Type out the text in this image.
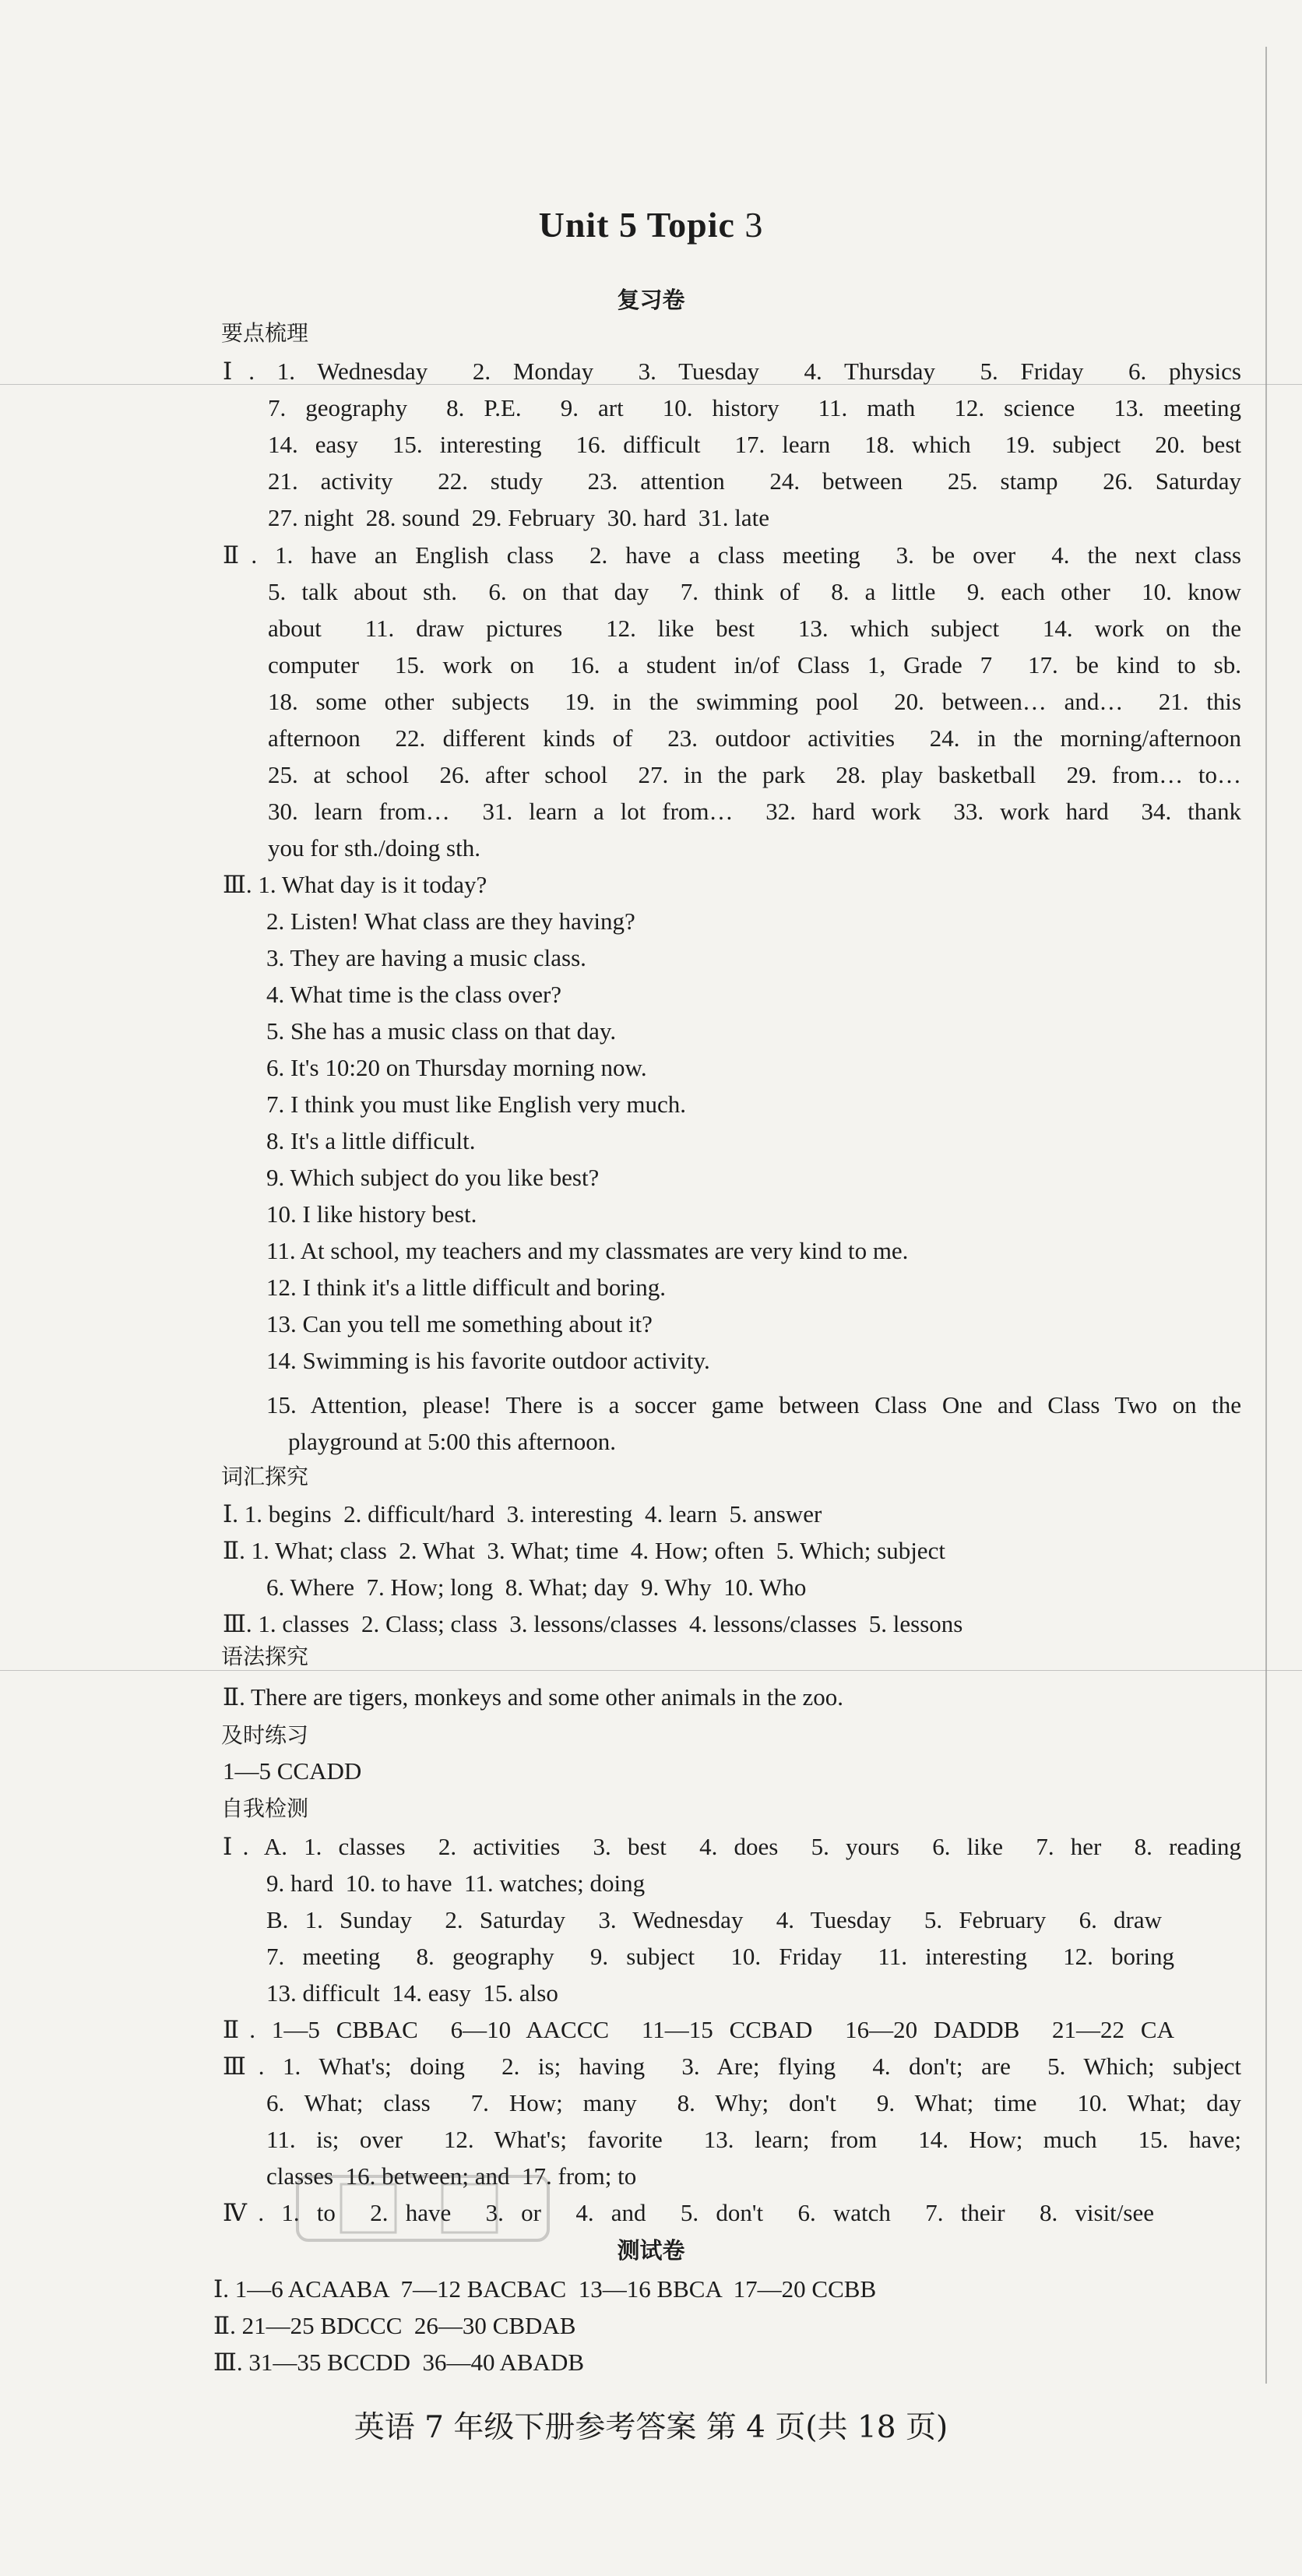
Unit 5 Topic 3
复习卷
要点梳理
Ⅰ. 1. Wednesday  2. Monday  3. Tuesday  4. Thursday  5. Friday  6. physics
7. geography  8. P.E.  9. art  10. history  11. math  12. science  13. meeting
14. easy  15. interesting  16. difficult  17. learn  18. which  19. subject  20. best
21. activity  22. study  23. attention  24. between  25. stamp  26. Saturday
27. night  28. sound  29. February  30. hard  31. late
Ⅱ. 1. have an English class  2. have a class meeting  3. be over  4. the next class
5. talk about sth.  6. on that day  7. think of  8. a little  9. each other  10. know
about  11. draw pictures  12. like best  13. which subject  14. work on the
computer  15. work on  16. a student in/of Class 1, Grade 7  17. be kind to sb.
18. some other subjects  19. in the swimming pool  20. between… and…  21. this
afternoon  22. different kinds of  23. outdoor activities  24. in the morning/afternoon
25. at school  26. after school  27. in the park  28. play basketball  29. from… to…
30. learn from…  31. learn a lot from…  32. hard work  33. work hard  34. thank
you for sth./doing sth.
Ⅲ. 1. What day is it today?
2. Listen! What class are they having?
3. They are having a music class.
4. What time is the class over?
5. She has a music class on that day.
6. It's 10:20 on Thursday morning now.
7. I think you must like English very much.
8. It's a little difficult.
9. Which subject do you like best?
10. I like history best.
11. At school, my teachers and my classmates are very kind to me.
12. I think it's a little difficult and boring.
13. Can you tell me something about it?
14. Swimming is his favorite outdoor activity.
15. Attention, please! There is a soccer game between Class One and Class Two on the
playground at 5:00 this afternoon.
词汇探究
Ⅰ. 1. begins  2. difficult/hard  3. interesting  4. learn  5. answer
Ⅱ. 1. What; class  2. What  3. What; time  4. How; often  5. Which; subject
6. Where  7. How; long  8. What; day  9. Why  10. Who
Ⅲ. 1. classes  2. Class; class  3. lessons/classes  4. lessons/classes  5. lessons
语法探究
Ⅱ. There are tigers, monkeys and some other animals in the zoo.
及时练习
1—5 CCADD
自我检测
Ⅰ. A. 1. classes  2. activities  3. best  4. does  5. yours  6. like  7. her  8. reading
9. hard  10. to have  11. watches; doing
B. 1. Sunday  2. Saturday  3. Wednesday  4. Tuesday  5. February  6. draw
7. meeting  8. geography  9. subject  10. Friday  11. interesting  12. boring
13. difficult  14. easy  15. also
Ⅱ. 1—5 CBBAC  6—10 AACCC  11—15 CCBAD  16—20 DADDB  21—22 CA
Ⅲ. 1. What's; doing  2. is; having  3. Are; flying  4. don't; are  5. Which; subject
6. What; class  7. How; many  8. Why; don't  9. What; time  10. What; day
11. is; over  12. What's; favorite  13. learn; from  14. How; much  15. have;
classes  16. between; and  17. from; to
Ⅳ. 1. to  2. have  3. or  4. and  5. don't  6. watch  7. their  8. visit/see
测试卷
Ⅰ. 1—6 ACAABA  7—12 BACBAC  13—16 BBCA  17—20 CCBB
Ⅱ. 21—25 BDCCC  26—30 CBDAB
Ⅲ. 31—35 BCCDD  36—40 ABADB
英语 7 年级下册参考答案 第 4 页(共 18 页)
